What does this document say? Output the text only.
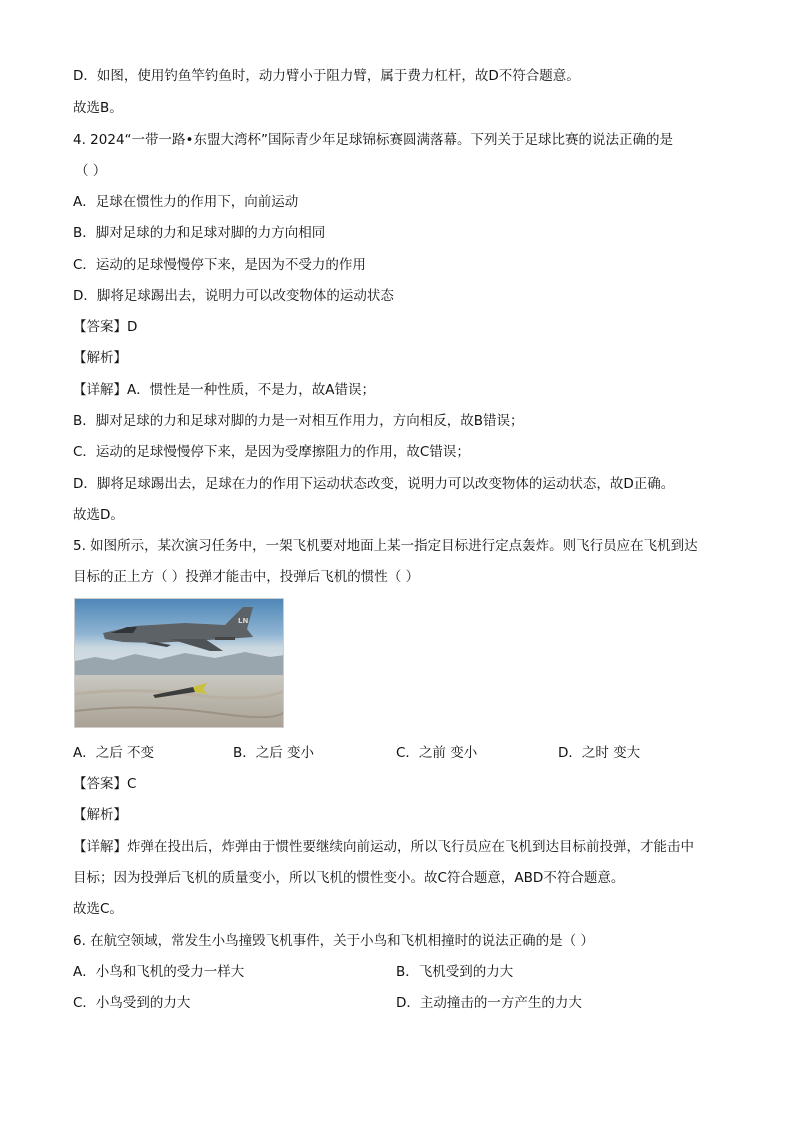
D．如图，使用钓鱼竿钓鱼时，动力臂小于阻力臂，属于费力杠杆，故D不符合题意。
故选B。
4. 2024“一带一路•东盟大湾杯”国际青少年足球锦标赛圆满落幕。下列关于足球比赛的说法正确的是
（ ）
A．足球在惯性力的作用下，向前运动
B．脚对足球的力和足球对脚的力方向相同
C．运动的足球慢慢停下来，是因为不受力的作用
D．脚将足球踢出去，说明力可以改变物体的运动状态
【答案】D
【解析】
【详解】A．惯性是一种性质，不是力，故A错误；
B．脚对足球的力和足球对脚的力是一对相互作用力，方向相反，故B错误；
C．运动的足球慢慢停下来，是因为受摩擦阻力的作用，故C错误；
D．脚将足球踢出去，足球在力的作用下运动状态改变，说明力可以改变物体的运动状态，故D正确。
故选D。
5. 如图所示，某次演习任务中，一架飞机要对地面上某一指定目标进行定点轰炸。则飞行员应在飞机到达
目标的正上方（ ）投弹才能击中，投弹后飞机的惯性（ ）
LN
A．之后 不变	B．之后 变小	C．之前 变小	D．之时 变大
【答案】C
【解析】
【详解】炸弹在投出后，炸弹由于惯性要继续向前运动，所以飞行员应在飞机到达目标前投弹，才能击中
目标；因为投弹后飞机的质量变小，所以飞机的惯性变小。故C符合题意，ABD不符合题意。
故选C。
6. 在航空领域，常发生小鸟撞毁飞机事件，关于小鸟和飞机相撞时的说法正确的是（ ）
A．小鸟和飞机的受力一样大	B．飞机受到的力大
C．小鸟受到的力大	D．主动撞击的一方产生的力大
